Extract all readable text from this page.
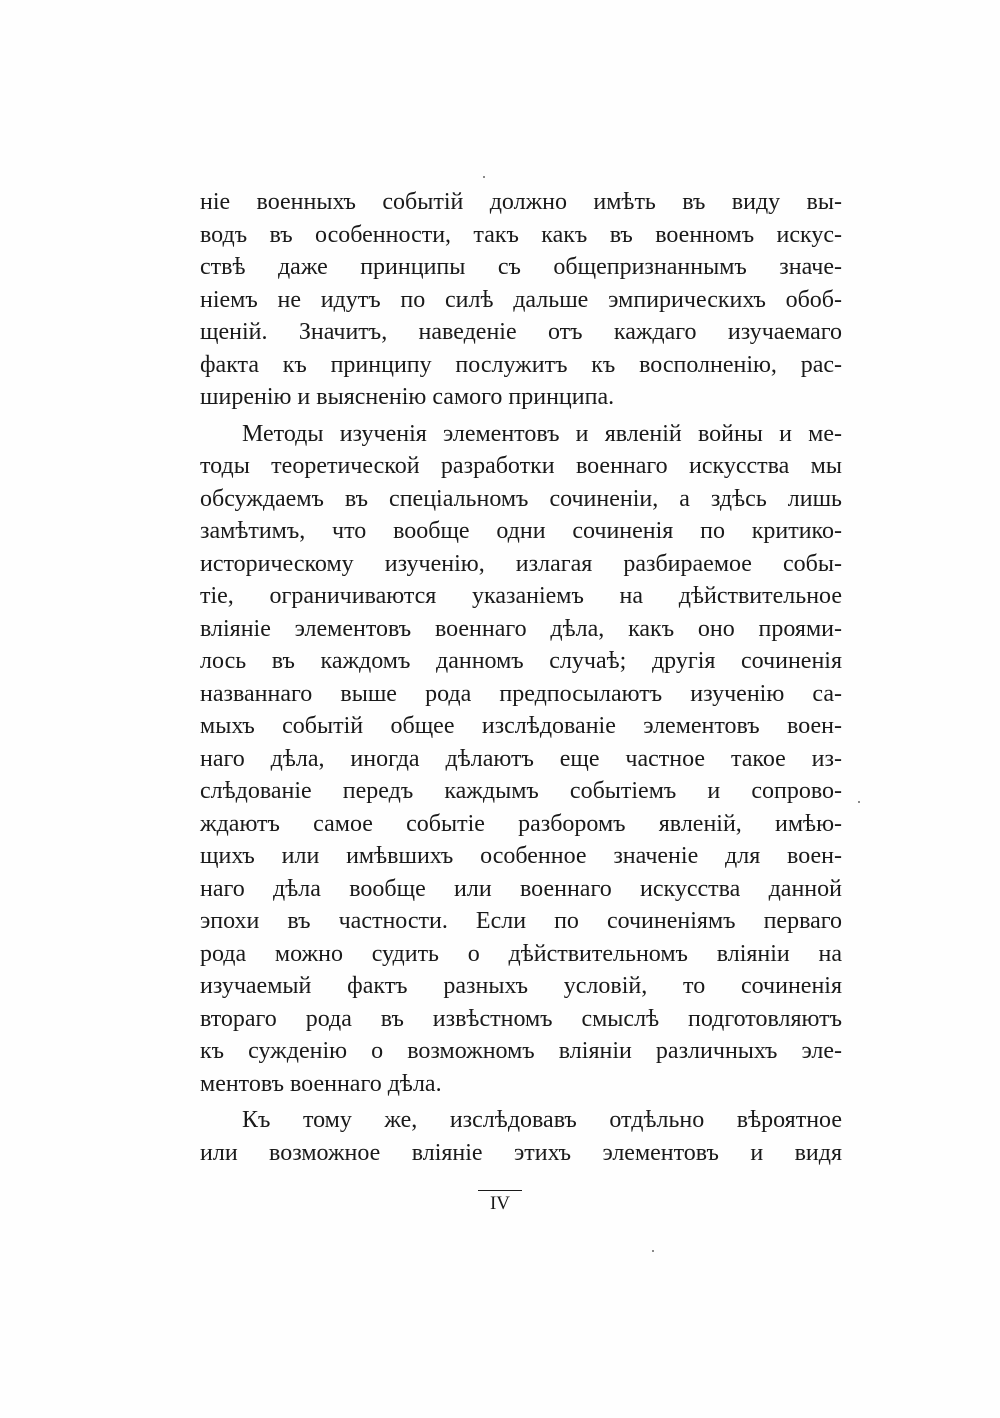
ніе военныхъ событій должно имѣть въ виду вы-
водъ въ особенности, такъ какъ въ военномъ искус-
ствѣ даже принципы съ общепризнаннымъ значе-
ніемъ не идутъ по силѣ дальше эмпирическихъ обоб-
щеній. Значитъ, наведеніе отъ каждаго изучаемаго
факта къ принципу послужитъ къ восполненію, рас-
ширенію и выясненію самого принципа.
Методы изученія элементовъ и явленій войны и ме-
тоды теоретической разработки военнаго искусства мы
обсуждаемъ въ спеціальномъ сочиненіи, а здѣсь лишь
замѣтимъ, что вообще одни сочиненія по критико-
историческому изученію, излагая разбираемое собы-
тіе, ограничиваются указаніемъ на дѣйствительное
вліяніе элементовъ военнаго дѣла, какъ оно проями-
лось въ каждомъ данномъ случаѣ; другія сочиненія
названнаго выше рода предпосылаютъ изученію са-
мыхъ событій общее изслѣдованіе элементовъ воен-
наго дѣла, иногда дѣлаютъ еще частное такое из-
слѣдованіе передъ каждымъ событіемъ и сопрово-
ждаютъ самое событіе разборомъ явленій, имѣю-
щихъ или имѣвшихъ особенное значеніе для воен-
наго дѣла вообще или военнаго искусства данной
эпохи въ частности. Если по сочиненіямъ перваго
рода можно судить о дѣйствительномъ вліяніи на
изучаемый фактъ разныхъ условій, то сочиненія
втораго рода въ извѣстномъ смыслѣ подготовляютъ
къ сужденію о возможномъ вліяніи различныхъ эле-
ментовъ военнаго дѣла.
Къ тому же, изслѣдовавъ отдѣльно вѣроятное
или возможное вліяніе этихъ элементовъ и видя
IV
